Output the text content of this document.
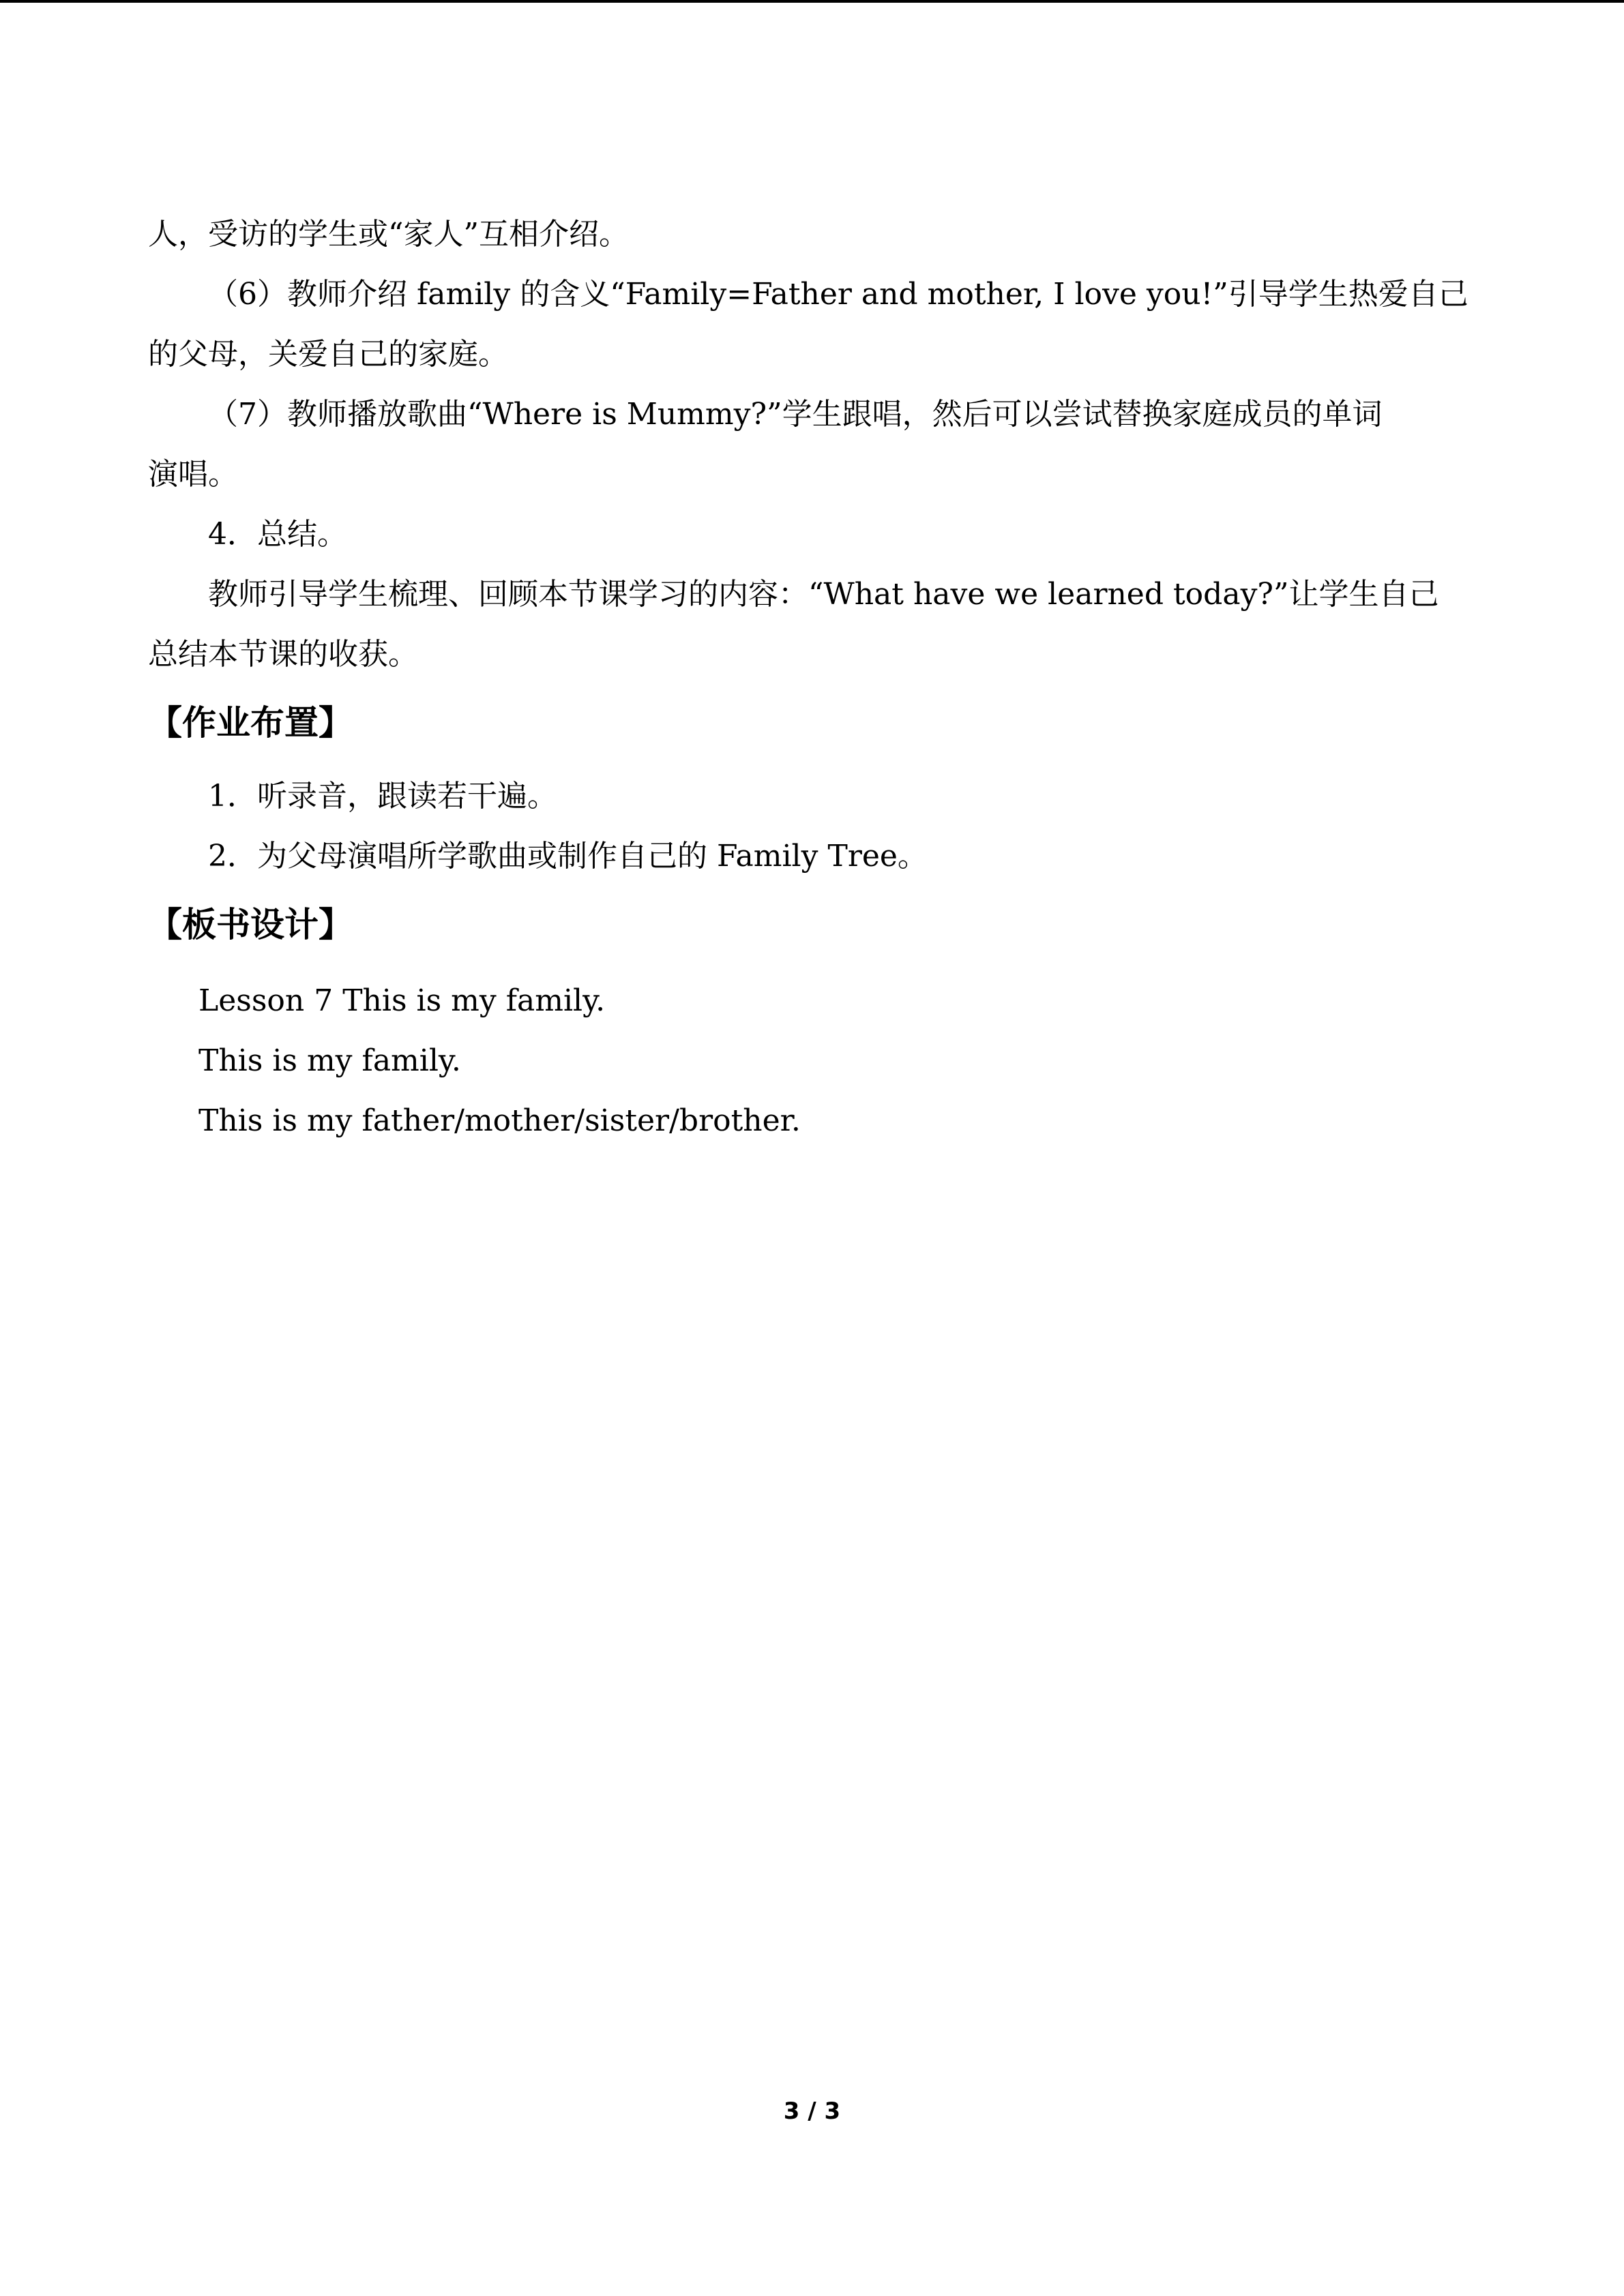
人，受访的学生或“家人”互相介绍。
（6）教师介绍 family 的含义“Family=Father and mother, I love you!”引导学生热爱自己
的父母，关爱自己的家庭。
（7）教师播放歌曲“Where is Mummy?”学生跟唱，然后可以尝试替换家庭成员的单词
演唱。
4．总结。
教师引导学生梳理、回顾本节课学习的内容：“What have we learned today?”让学生自己
总结本节课的收获。
【作业布置】
1．听录音，跟读若干遍。
2．为父母演唱所学歌曲或制作自己的 Family Tree。
【板书设计】
Lesson 7 This is my family.
This is my family.
This is my father/mother/sister/brother.
3 / 3
